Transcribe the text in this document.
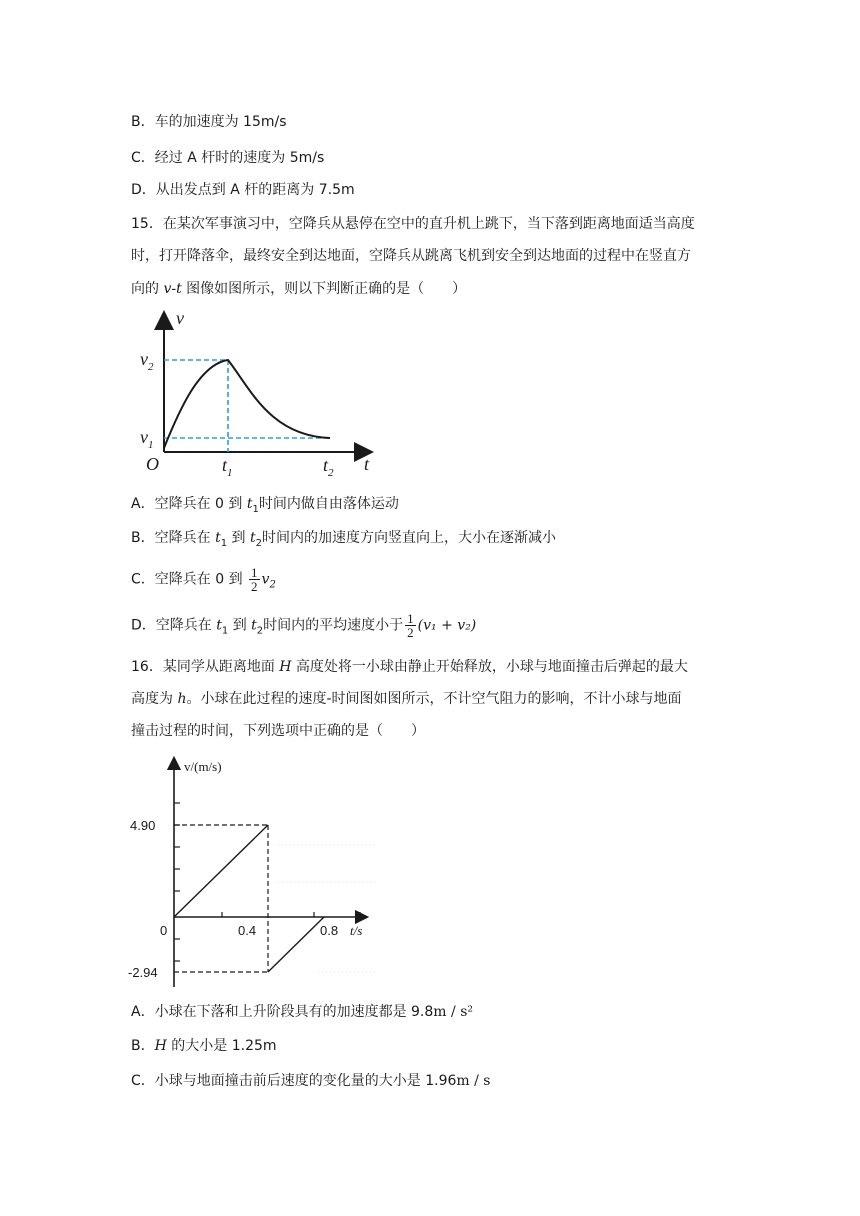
B．车的加速度为 15m/s
C．经过 A 杆时的速度为 5m/s
D．从出发点到 A 杆的距离为 7.5m
15．在某次军事演习中，空降兵从悬停在空中的直升机上跳下，当下落到距离地面适当高度
时，打开降落伞，最终安全到达地面，空降兵从跳离飞机到安全到达地面的过程中在竖直方
向的 v-t 图像如图所示，则以下判断正确的是（　　）
v
t
O
$v_2$
$v_1$
$t_1$	$t_2$
A．空降兵在 0 到 $t_1$时间内做自由落体运动
B．空降兵在 $t_1$ 到 $t_2$时间内的加速度方向竖直向上，大小在逐渐减小
C．空降兵在 0 到 $\frac{1}{2} v_2$
D．空降兵在 $t_1$ 到 $t_2$时间内的平均速度小于 $\frac{1}{2} (v_1 + v_2)$
16．某同学从距离地面 H 高度处将一小球由静止开始释放，小球与地面撞击后弹起的最大
高度为 h。小球在此过程的速度-时间图如图所示，不计空气阻力的影响，不计小球与地面
撞击过程的时间，下列选项中正确的是（　　）
v/(m/s)
t/s
0
4.90
-2.94
0.4	0.8
A．小球在下落和上升阶段具有的加速度都是 9.8m / s²
B．H 的大小是 1.25m
C．小球与地面撞击前后速度的变化量的大小是 1.96m / s
